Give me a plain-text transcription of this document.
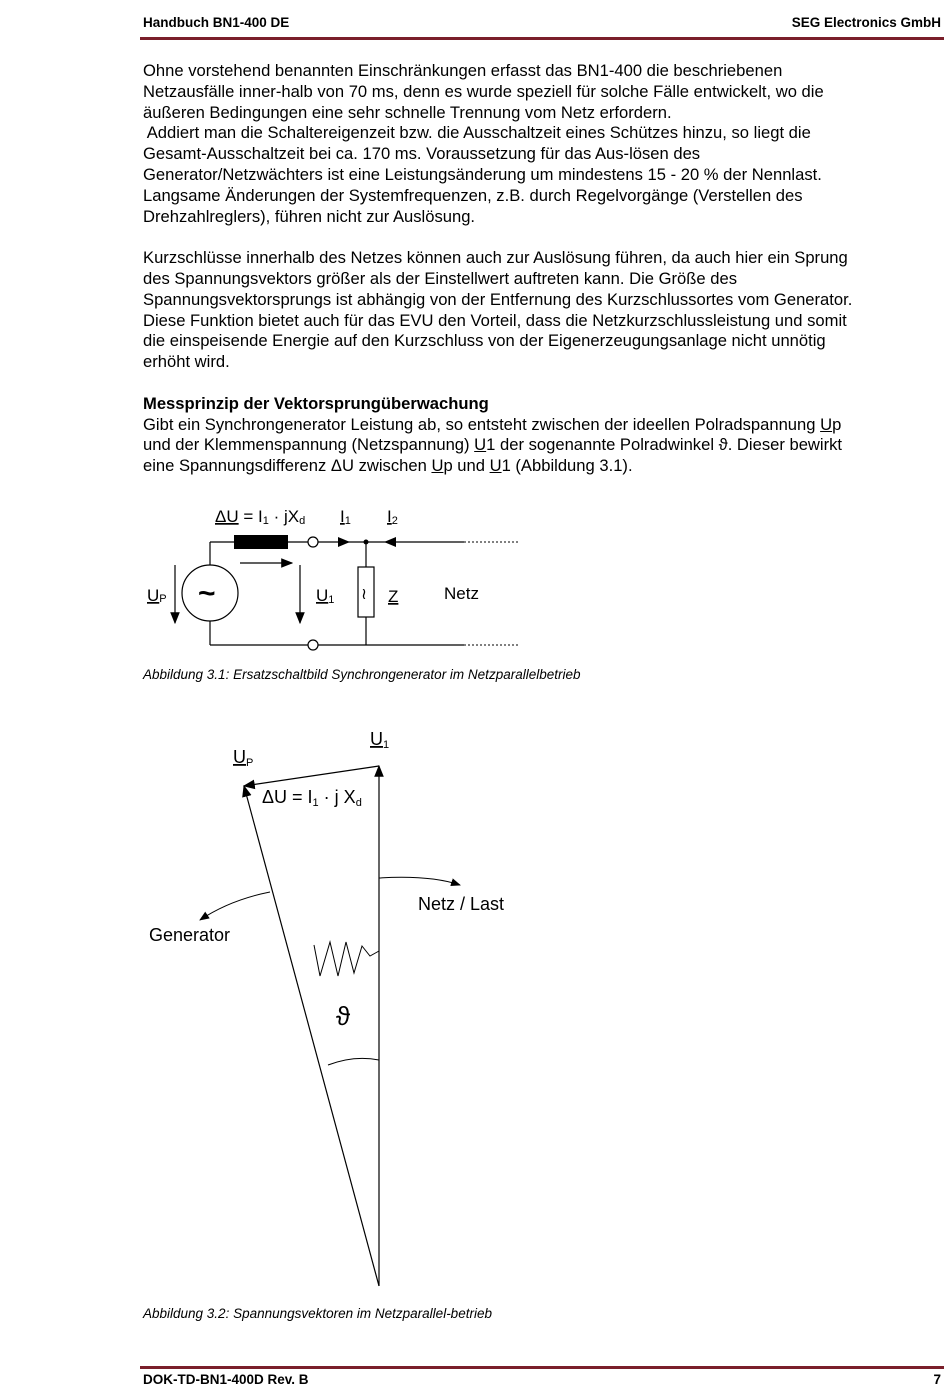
Handbuch BN1-400 DE	SEG Electronics GmbH

Ohne vorstehend benannten Einschränkungen erfasst das BN1-400 die beschriebenen
Netzausfälle inner-halb von 70 ms, denn es wurde speziell für solche Fälle entwickelt, wo die
äußeren Bedingungen eine sehr schnelle Trennung vom Netz erfordern.
Addiert man die Schaltereigenzeit bzw. die Ausschaltzeit eines Schützes hinzu, so liegt die
Gesamt-Ausschaltzeit bei ca. 170 ms. Voraussetzung für das Aus-lösen des
Generator/Netzwächters ist eine Leistungsänderung um mindestens 15 - 20 % der Nennlast.
Langsame Änderungen der Systemfrequenzen, z.B. durch Regelvorgänge (Verstellen des
Drehzahlreglers), führen nicht zur Auslösung.

Kurzschlüsse innerhalb des Netzes können auch zur Auslösung führen, da auch hier ein Sprung
des Spannungsvektors größer als der Einstellwert auftreten kann. Die Größe des
Spannungsvektorsprungs ist abhängig von der Entfernung des Kurzschlussortes vom Generator.
Diese Funktion bietet auch für das EVU den Vorteil, dass die Netzkurzschlussleistung und somit
die einspeisende Energie auf den Kurzschluss von der Eigenerzeugungsanlage nicht unnötig
erhöht wird.

Messprinzip der Vektorsprungüberwachung

Gibt ein Synchrongenerator Leistung ab, so entsteht zwischen der ideellen Polradspannung Up
und der Klemmenspannung (Netzspannung) U1 der sogenannte Polradwinkel ϑ. Dieser bewirkt
eine Spannungsdifferenz ΔU zwischen Up und U1 (Abbildung 3.1).

ΔU = I1 · jXd I1 I2
~
UP	U1 ≀ Z	Netz
Abbildung 3.1: Ersatzschaltbild Synchrongenerator im Netzparallelbetrieb
U1
UP
ΔU = I1 · j Xd
Generator
Netz / Last
ϑ
Abbildung 3.2: Spannungsvektoren im Netzparallel-betrieb
DOK-TD-BN1-400D Rev. B	7
